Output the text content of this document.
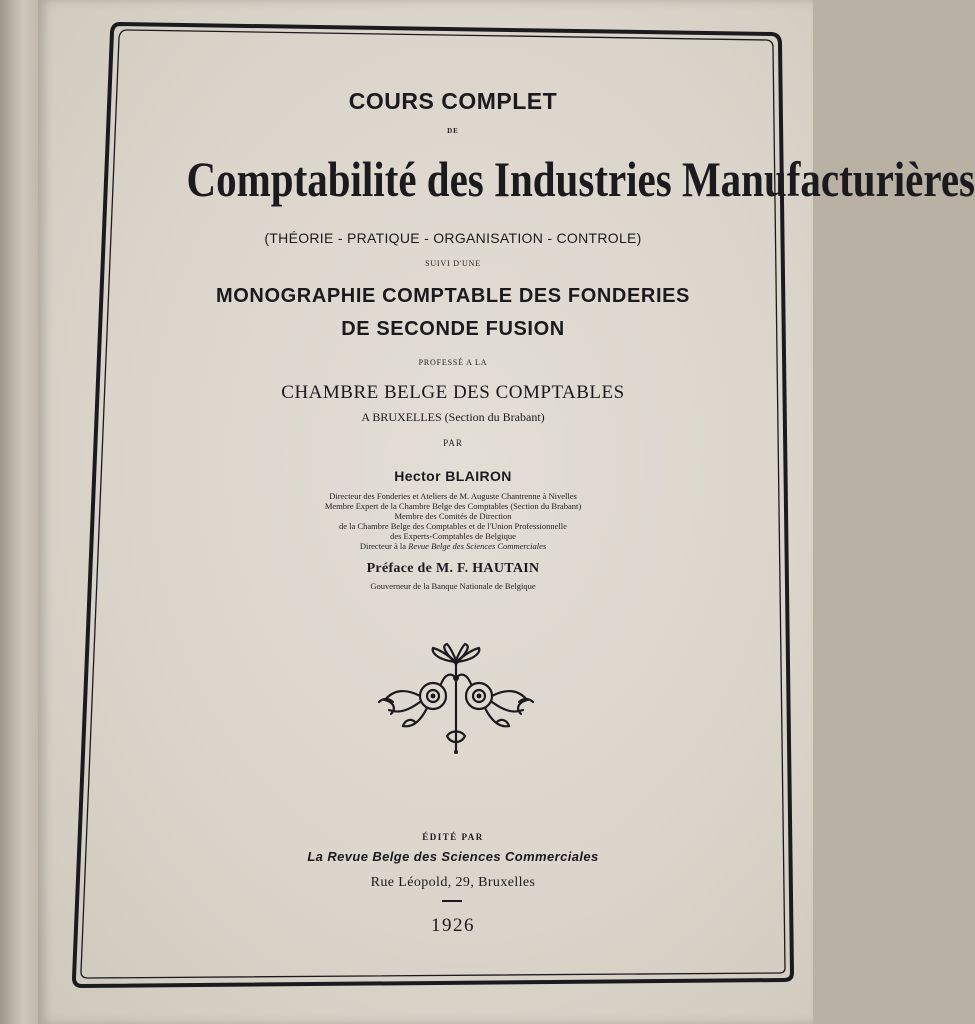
COURS COMPLET
DE
Comptabilité des Industries Manufacturières
(THÉORIE - PRATIQUE - ORGANISATION - CONTROLE)
SUIVI D'UNE
MONOGRAPHIE COMPTABLE DES FONDERIES
DE SECONDE FUSION
PROFESSÉ A LA
CHAMBRE BELGE DES COMPTABLES
A BRUXELLES (Section du Brabant)
PAR
Hector BLAIRON
Directeur des Fonderies et Ateliers de M. Auguste Chantrenne à Nivelles
Membre Expert de la Chambre Belge des Comptables (Section du Brabant)
Membre des Comités de Direction
de la Chambre Belge des Comptables et de l'Union Professionnelle
des Experts-Comptables de Belgique
Directeur à la Revue Belge des Sciences Commerciales
Préface de M. F. HAUTAIN
Gouverneur de la Banque Nationale de Belgique
ÉDITÉ PAR
La Revue Belge des Sciences Commerciales
Rue Léopold, 29, Bruxelles
1926
